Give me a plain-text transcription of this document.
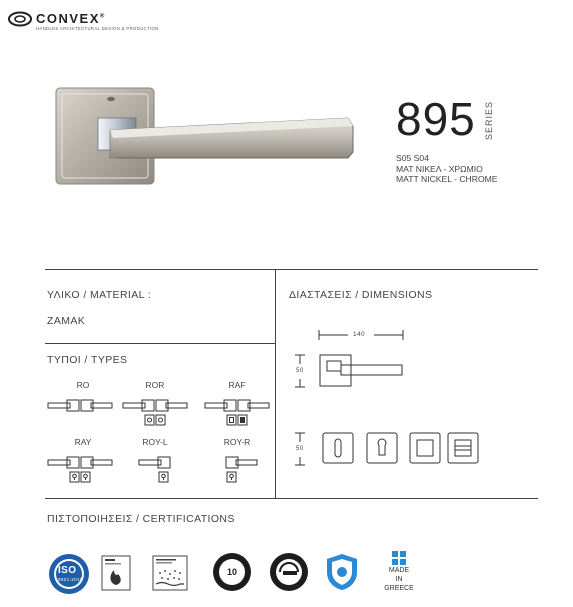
CONVEX®
HANDLES ARCHITECTURAL DESIGN & PRODUCTION
895 SERIES
S05 S04
ΜΑΤ ΝΙΚΕΛ - ΧΡΩΜΙΟ
MATT NICKEL - CHROME
ΥΛΙΚΟ / MATERIAL :
ZAMAK
ΤΥΠΟΙ / TYPES
ΔΙΑΣΤΑΣΕΙΣ / DIMENSIONS
ΠΙΣΤΟΠΟΙΗΣΕΙΣ / CERTIFICATIONS
RO	ROR	RAF
RAY	ROY-L	ROY-R
140
50
50
ISO
9001:2015
10	MADE
IN
GREECE
